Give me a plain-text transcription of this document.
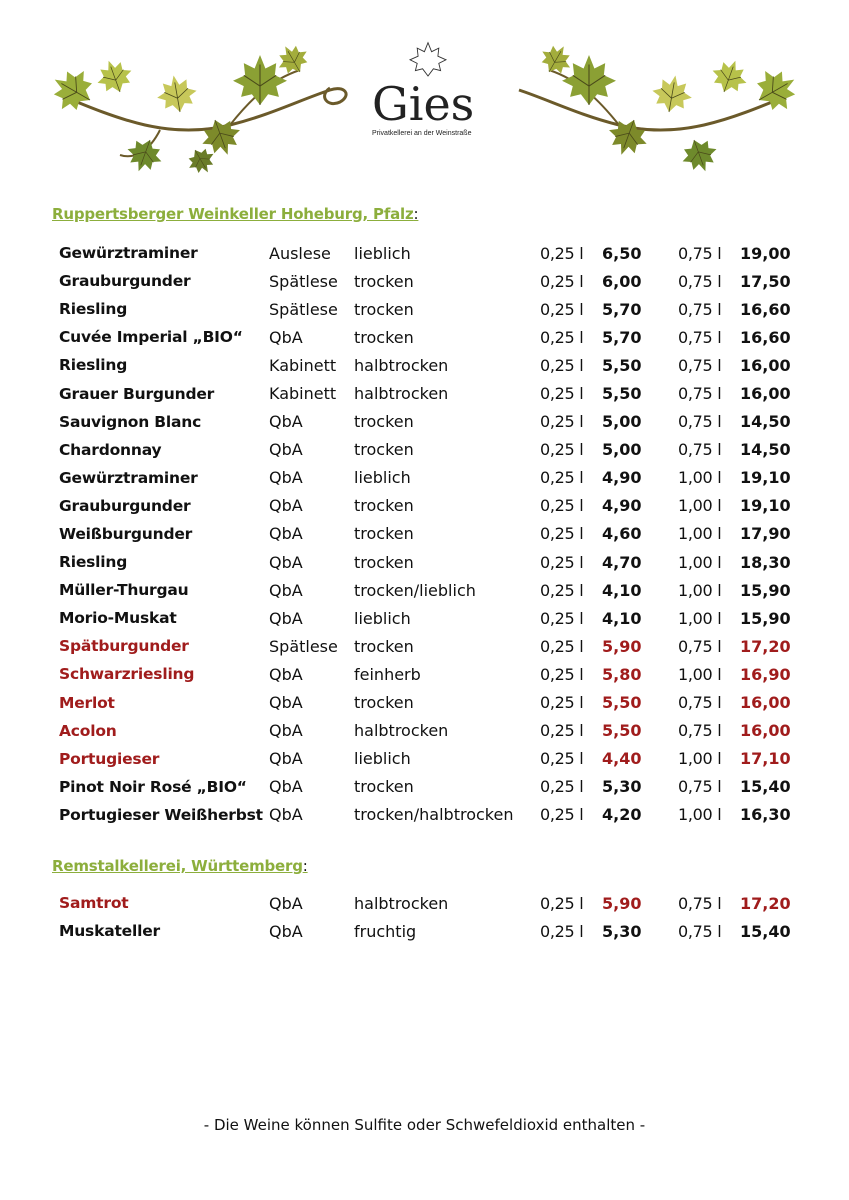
Gies
Privatkellerei an der Weinstraße
Ruppertsberger Weinkeller Hoheburg, Pfalz:
Gewürztraminer	Auslese	lieblich	0,25 l	6,50	0,75 l	19,00
Grauburgunder	Spätlese	trocken	0,25 l	6,00	0,75 l	17,50
Riesling	Spätlese	trocken	0,25 l	5,70	0,75 l	16,60
Cuvée Imperial „BIO“	QbA	trocken	0,25 l	5,70	0,75 l	16,60
Riesling	Kabinett	halbtrocken	0,25 l	5,50	0,75 l	16,00
Grauer Burgunder	Kabinett	halbtrocken	0,25 l	5,50	0,75 l	16,00
Sauvignon Blanc	QbA	trocken	0,25 l	5,00	0,75 l	14,50
Chardonnay	QbA	trocken	0,25 l	5,00	0,75 l	14,50
Gewürztraminer	QbA	lieblich	0,25 l	4,90	1,00 l	19,10
Grauburgunder	QbA	trocken	0,25 l	4,90	1,00 l	19,10
Weißburgunder	QbA	trocken	0,25 l	4,60	1,00 l	17,90
Riesling	QbA	trocken	0,25 l	4,70	1,00 l	18,30
Müller-Thurgau	QbA	trocken/lieblich	0,25 l	4,10	1,00 l	15,90
Morio-Muskat	QbA	lieblich	0,25 l	4,10	1,00 l	15,90
Spätburgunder	Spätlese	trocken	0,25 l	5,90	0,75 l	17,20
Schwarzriesling	QbA	feinherb	0,25 l	5,80	1,00 l	16,90
Merlot	QbA	trocken	0,25 l	5,50	0,75 l	16,00
Acolon	QbA	halbtrocken	0,25 l	5,50	0,75 l	16,00
Portugieser	QbA	lieblich	0,25 l	4,40	1,00 l	17,10
Pinot Noir Rosé „BIO“	QbA	trocken	0,25 l	5,30	0,75 l	15,40
Portugieser Weißherbst	QbA	trocken/halbtrocken	0,25 l	4,20	1,00 l	16,30
Remstalkellerei, Württemberg:
Samtrot	QbA	halbtrocken	0,25 l	5,90	0,75 l	17,20
Muskateller	QbA	fruchtig	0,25 l	5,30	0,75 l	15,40
- Die Weine können Sulfite oder Schwefeldioxid enthalten -
